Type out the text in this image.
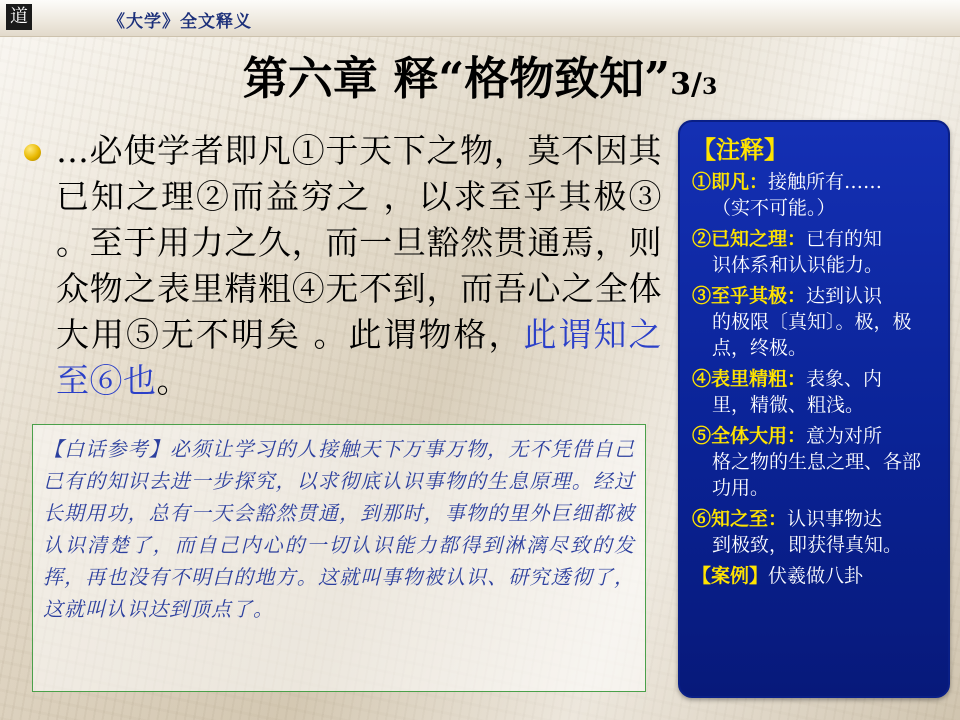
道	《大学》全文释义
第六章 释“格物致知”3/3
…必使学者即凡①于天下之物，莫不因其已知之理②而益穷之 ，以求至乎其极③ 。至于用力之久，而一旦豁然贯通焉，则众物之表里精粗④无不到，而吾心之全体大用⑤无不明矣 。此谓物格，此谓知之至⑥也。
【白话参考】必须让学习的人接触天下万事万物，无不凭借自己已有的知识去进一步探究，以求彻底认识事物的生息原理。经过长期用功，总有一天会豁然贯通，到那时，事物的里外巨细都被认识清楚了，而自己内心的一切认识能力都得到淋漓尽致的发挥，再也没有不明白的地方。这就叫事物被认识、研究透彻了，这就叫认识达到顶点了。
【注释】
①即凡：接触所有……
（实不可能。）
②已知之理：已有的知
识体系和认识能力。
③至乎其极：达到认识
的极限〔真知〕。极，极点，终极。
④表里精粗：表象、内
里，精微、粗浅。
⑤全体大用：意为对所
格之物的生息之理、各部功用。
⑥知之至：认识事物达
到极致，即获得真知。
【案例】伏羲做八卦
